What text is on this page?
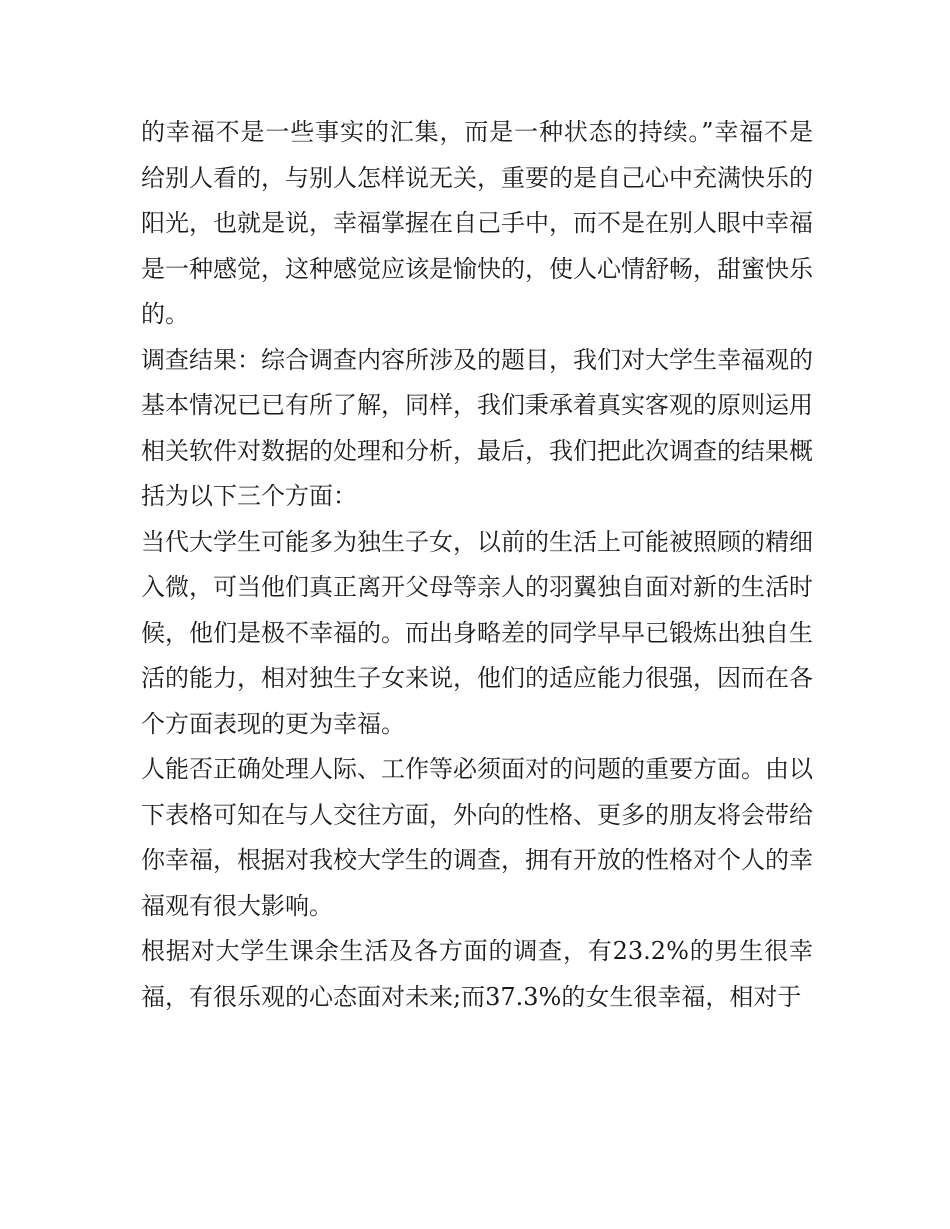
的幸福不是一些事实的汇集，而是一种状态的持续。”幸福不是给别人看的，与别人怎样说无关，重要的是自己心中充满快乐的阳光，也就是说，幸福掌握在自己手中，而不是在别人眼中幸福是一种感觉，这种感觉应该是愉快的，使人心情舒畅，甜蜜快乐的。

调查结果：综合调查内容所涉及的题目，我们对大学生幸福观的基本情况已已有所了解，同样，我们秉承着真实客观的原则运用相关软件对数据的处理和分析，最后，我们把此次调查的结果概括为以下三个方面：

当代大学生可能多为独生子女，以前的生活上可能被照顾的精细入微，可当他们真正离开父母等亲人的羽翼独自面对新的生活时候，他们是极不幸福的。而出身略差的同学早早已锻炼出独自生活的能力，相对独生子女来说，他们的适应能力很强，因而在各个方面表现的更为幸福。

人能否正确处理人际、工作等必须面对的问题的重要方面。由以下表格可知在与人交往方面，外向的性格、更多的朋友将会带给你幸福，根据对我校大学生的调查，拥有开放的性格对个人的幸福观有很大影响。

根据对大学生课余生活及各方面的调查，有23.2%的男生很幸福，有很乐观的心态面对未来;而37.3%的女生很幸福，相对于
